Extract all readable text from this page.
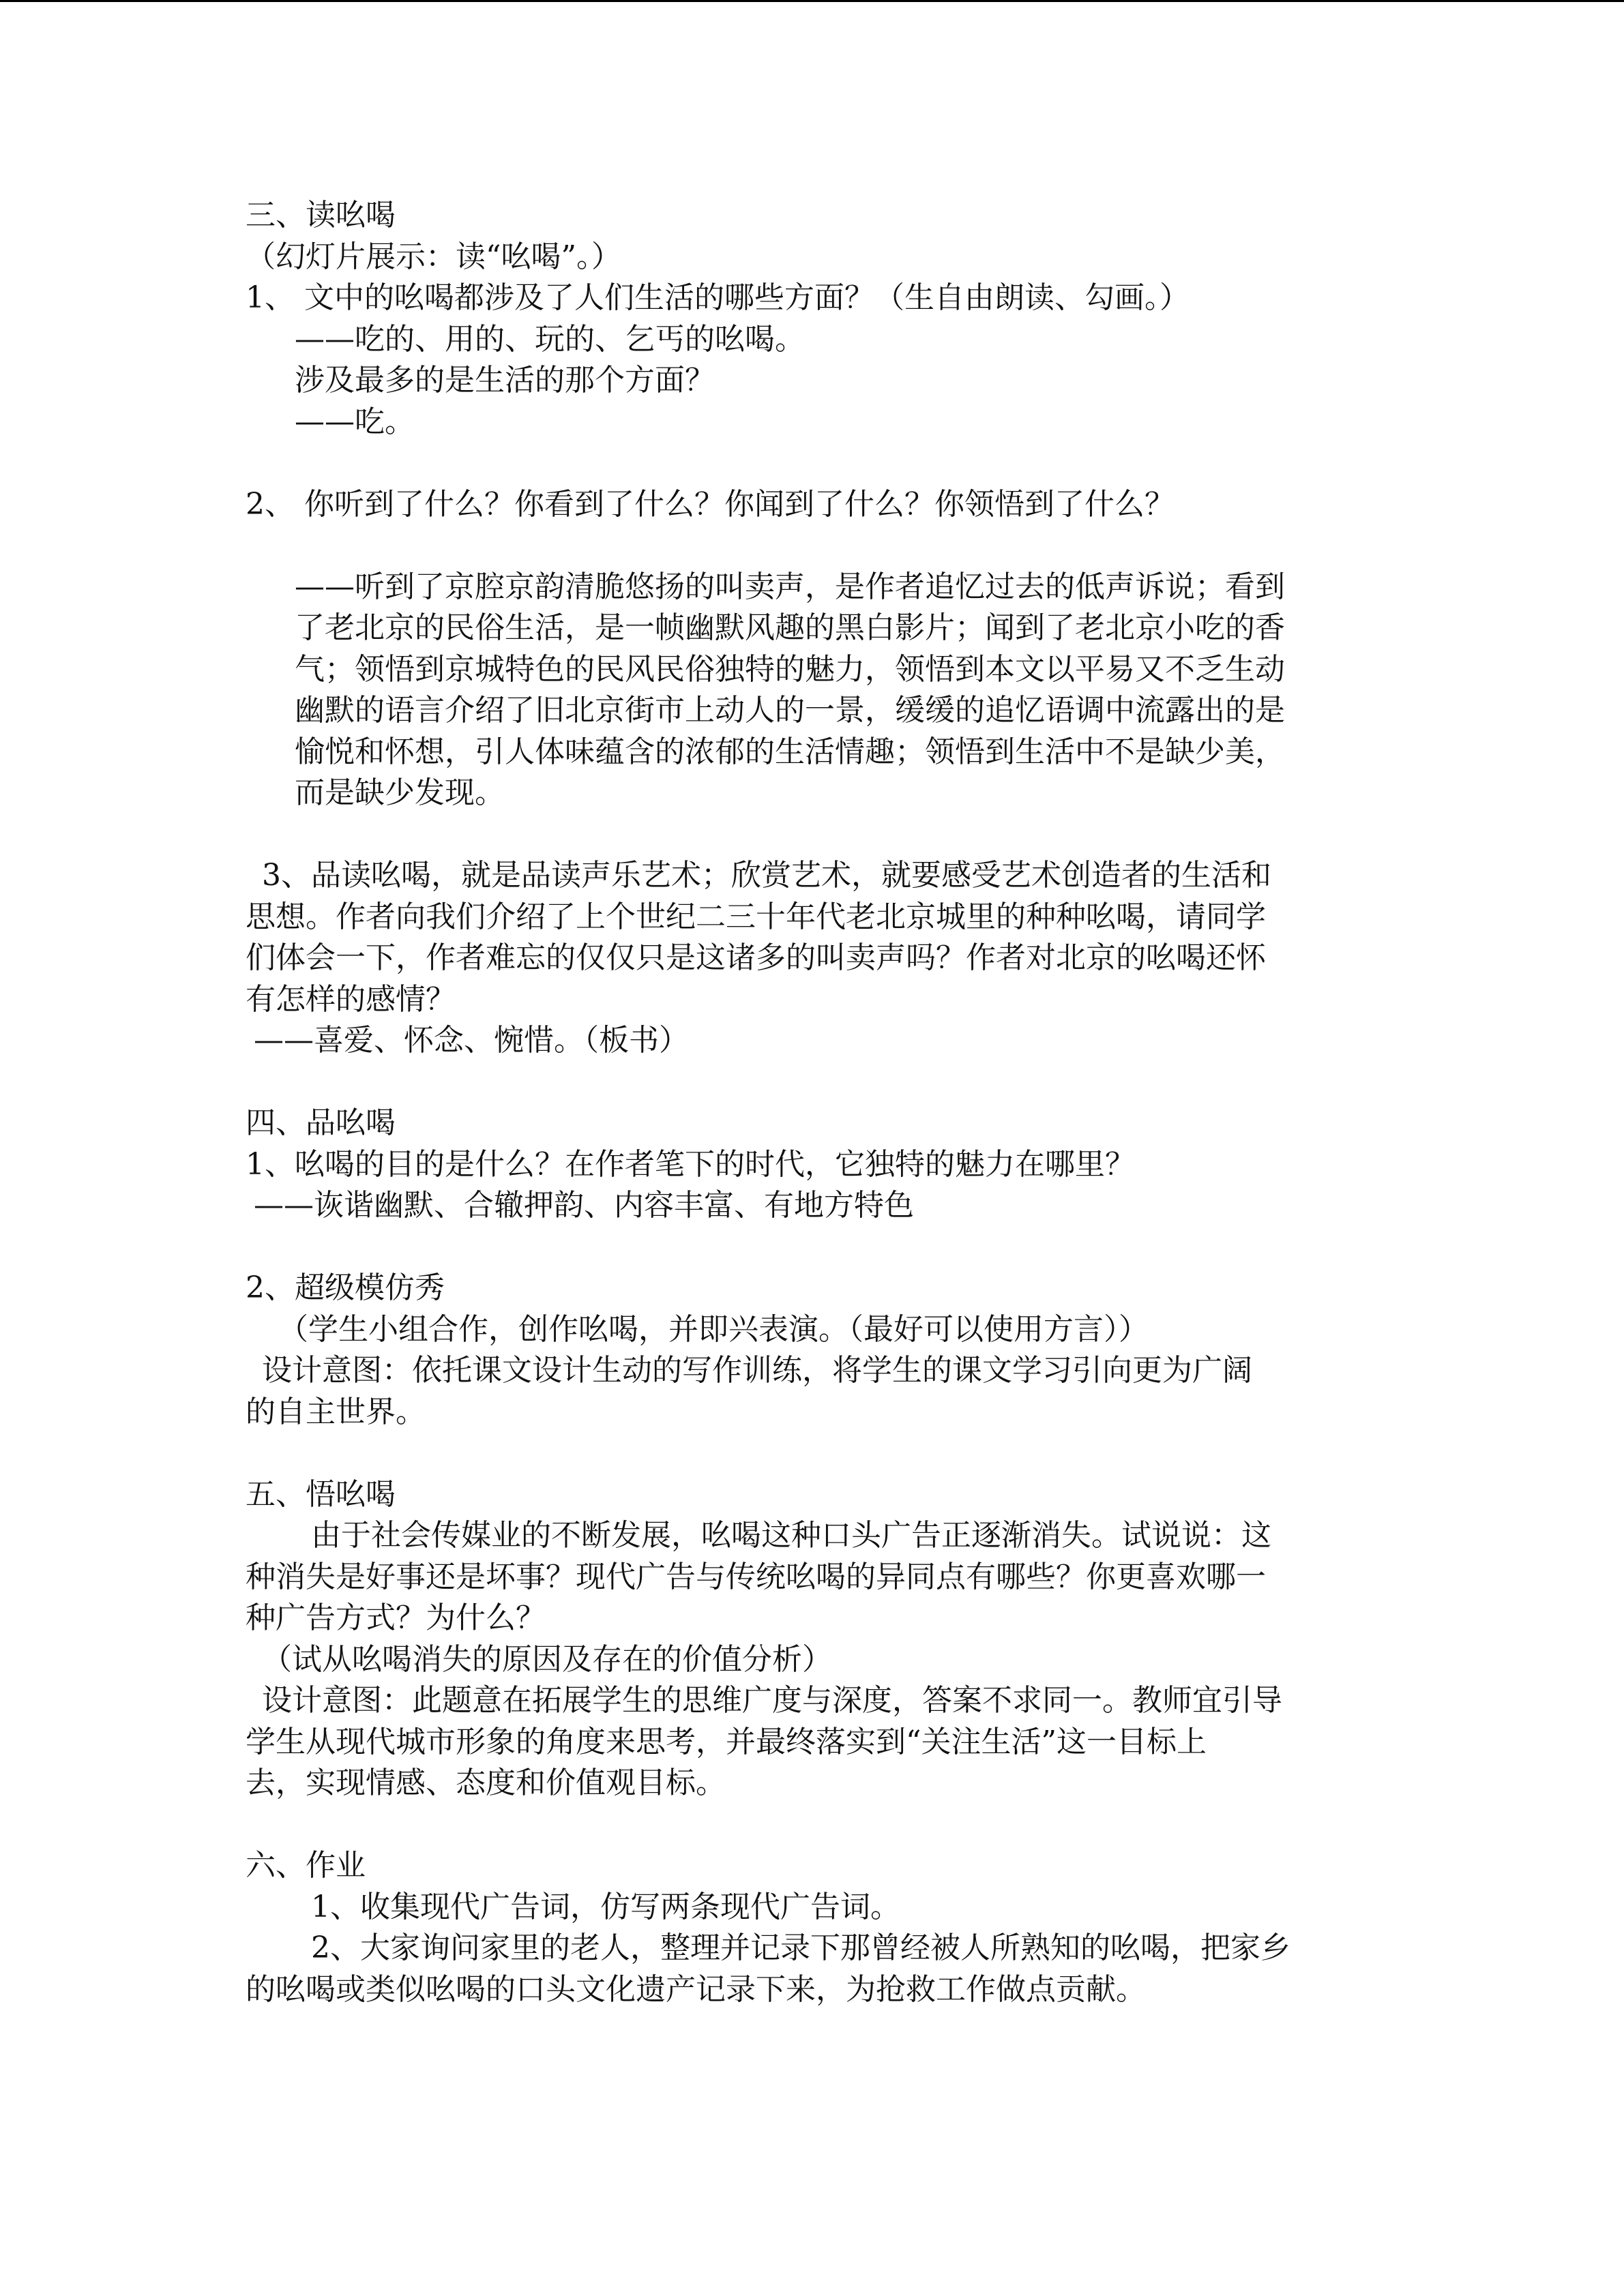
三、读吆喝
（幻灯片展示：读“吆喝”。）
1、 文中的吆喝都涉及了人们生活的哪些方面？（生自由朗读、勾画。）
——吃的、用的、玩的、乞丐的吆喝。
涉及最多的是生活的那个方面？
——吃。
2、 你听到了什么？你看到了什么？你闻到了什么？你领悟到了什么？
——听到了京腔京韵清脆悠扬的叫卖声，是作者追忆过去的低声诉说；看到
了老北京的民俗生活，是一帧幽默风趣的黑白影片；闻到了老北京小吃的香
气；领悟到京城特色的民风民俗独特的魅力，领悟到本文以平易又不乏生动
幽默的语言介绍了旧北京街市上动人的一景，缓缓的追忆语调中流露出的是
愉悦和怀想，引人体味蕴含的浓郁的生活情趣；领悟到生活中不是缺少美，
而是缺少发现。
3、品读吆喝，就是品读声乐艺术；欣赏艺术，就要感受艺术创造者的生活和
思想。作者向我们介绍了上个世纪二三十年代老北京城里的种种吆喝，请同学
们体会一下，作者难忘的仅仅只是这诸多的叫卖声吗？作者对北京的吆喝还怀
有怎样的感情？
——喜爱、怀念、惋惜。（板书）
四、品吆喝
1、吆喝的目的是什么？在作者笔下的时代，它独特的魅力在哪里？
——诙谐幽默、合辙押韵、内容丰富、有地方特色
2、超级模仿秀
（学生小组合作，创作吆喝，并即兴表演。（最好可以使用方言））
设计意图：依托课文设计生动的写作训练，将学生的课文学习引向更为广阔
的自主世界。
五、悟吆喝
由于社会传媒业的不断发展，吆喝这种口头广告正逐渐消失。试说说：这
种消失是好事还是坏事？现代广告与传统吆喝的异同点有哪些？你更喜欢哪一
种广告方式？为什么？
（试从吆喝消失的原因及存在的价值分析）
设计意图：此题意在拓展学生的思维广度与深度，答案不求同一。教师宜引导
学生从现代城市形象的角度来思考，并最终落实到“关注生活”这一目标上
去，实现情感、态度和价值观目标。
六、作业
1、收集现代广告词，仿写两条现代广告词。
2、大家询问家里的老人，整理并记录下那曾经被人所熟知的吆喝，把家乡
的吆喝或类似吆喝的口头文化遗产记录下来，为抢救工作做点贡献。
